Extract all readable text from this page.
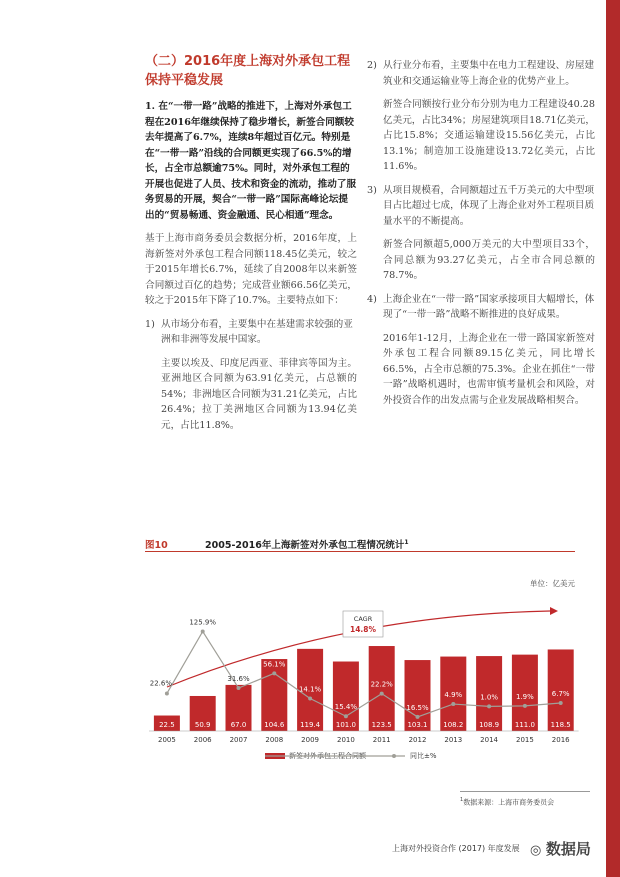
（二）2016年度上海对外承包工程保持平稳发展
1. 在“一带一路”战略的推进下，上海对外承包工程在2016年继续保持了稳步增长，新签合同额较去年提高了6.7%，连续8年超过百亿元。特别是在“一带一路”沿线的合同额更实现了66.5%的增长，占全市总额逾75%。同时，对外承包工程的开展也促进了人员、技术和资金的流动，推动了服务贸易的开展，契合“一带一路”国际高峰论坛提出的“贸易畅通、资金融通、民心相通”理念。
基于上海市商务委员会数据分析，2016年度，上海新签对外承包工程合同额118.45亿美元，较之于2015年增长6.7%，延续了自2008年以来新签合同额过百亿的趋势；完成营业额66.56亿美元，较之于2015年下降了10.7%。主要特点如下：
1) 从市场分布看，主要集中在基建需求较强的亚洲和非洲等发展中国家。
主要以埃及、印度尼西亚、菲律宾等国为主。亚洲地区合同额为63.91亿美元，占总额的54%；非洲地区合同额为31.21亿美元，占比26.4%；拉丁美洲地区合同额为13.94亿美元，占比11.8%。
2) 从行业分布看，主要集中在电力工程建设、房屋建筑业和交通运输业等上海企业的优势产业上。
新签合同额按行业分布分别为电力工程建设40.28亿美元，占比34%；房屋建筑项目18.71亿美元，占比15.8%；交通运输建设15.56亿美元，占比13.1%；制造加工设施建设13.72亿美元，占比11.6%。
3) 从项目规模看，合同额超过五千万美元的大中型项目占比超过七成，体现了上海企业对外工程项目质量水平的不断提高。
新签合同额超5,000万美元的大中型项目33个，合同总额为93.27亿美元，占全市合同总额的78.7%。
4) 上海企业在“一带一路”国家承接项目大幅增长，体现了“一带一路”战略不断推进的良好成果。
2016年1-12月，上海企业在一带一路国家新签对外承包工程合同额89.15亿美元，同比增长66.5%，占全市总额的75.3%。企业在抓住“一带一路”战略机遇时，也需审慎考量机会和风险，对外投资合作的出发点需与企业发展战略相契合。
图10	2005-2016年上海新签对外承包工程情况统计$^1$
单位：亿美元
CAGR
14.8%
22.5	50.9	67.0	104.6 119.4 101.0 123.5 103.1 108.2 108.9 111.0 118.5
22.6%
125.9%
31.6%
56.1%
14.1%
15.4%
22.2%
16.5%
4.9%	1.0%	1.9%	6.7%
2005	2006	2007	2008	2009	2010	2011	2012	2013	2014	2015	2016
新签对外承包工程合同额	同比±%
$^1$数据来源：上海市商务委员会
上海对外投资合作 (2017) 年度发展 ◎ 数据局
